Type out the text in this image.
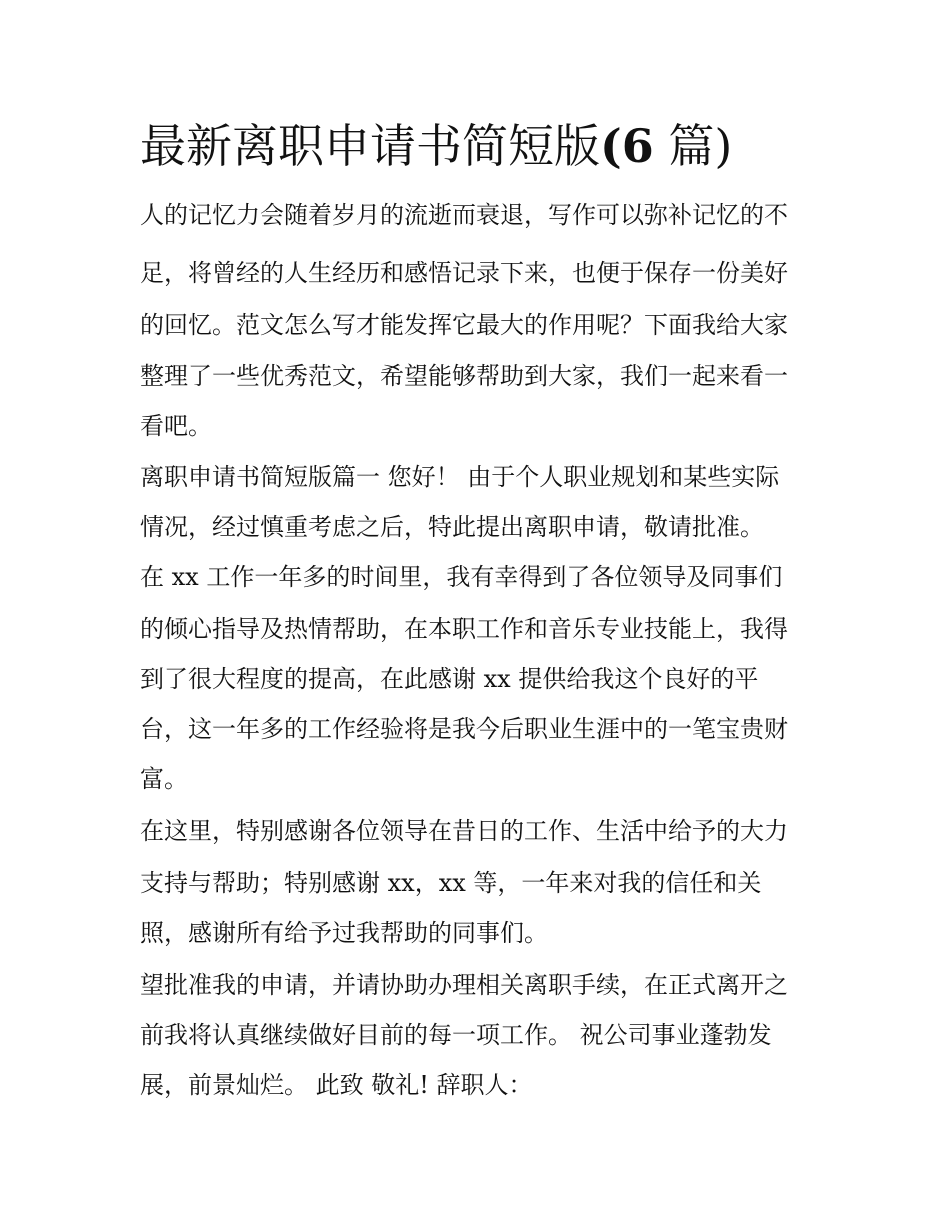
最新离职申请书简短版(6 篇)

人的记忆力会随着岁月的流逝而衰退，写作可以弥补记忆的不

足，将曾经的人生经历和感悟记录下来，也便于保存一份美好

的回忆。范文怎么写才能发挥它最大的作用呢？下面我给大家

整理了一些优秀范文，希望能够帮助到大家，我们一起来看一

看吧。

离职申请书简短版篇一 您好！ 由于个人职业规划和某些实际

情况，经过慎重考虑之后，特此提出离职申请，敬请批准。

在 xx 工作一年多的时间里，我有幸得到了各位领导及同事们

的倾心指导及热情帮助，在本职工作和音乐专业技能上，我得

到了很大程度的提高，在此感谢 xx 提供给我这个良好的平

台，这一年多的工作经验将是我今后职业生涯中的一笔宝贵财

富。

在这里，特别感谢各位领导在昔日的工作、生活中给予的大力

支持与帮助；特别感谢 xx，xx 等，一年来对我的信任和关

照，感谢所有给予过我帮助的同事们。

望批准我的申请，并请协助办理相关离职手续，在正式离开之

前我将认真继续做好目前的每一项工作。 祝公司事业蓬勃发

展，前景灿烂。 此致 敬礼! 辞职人：
